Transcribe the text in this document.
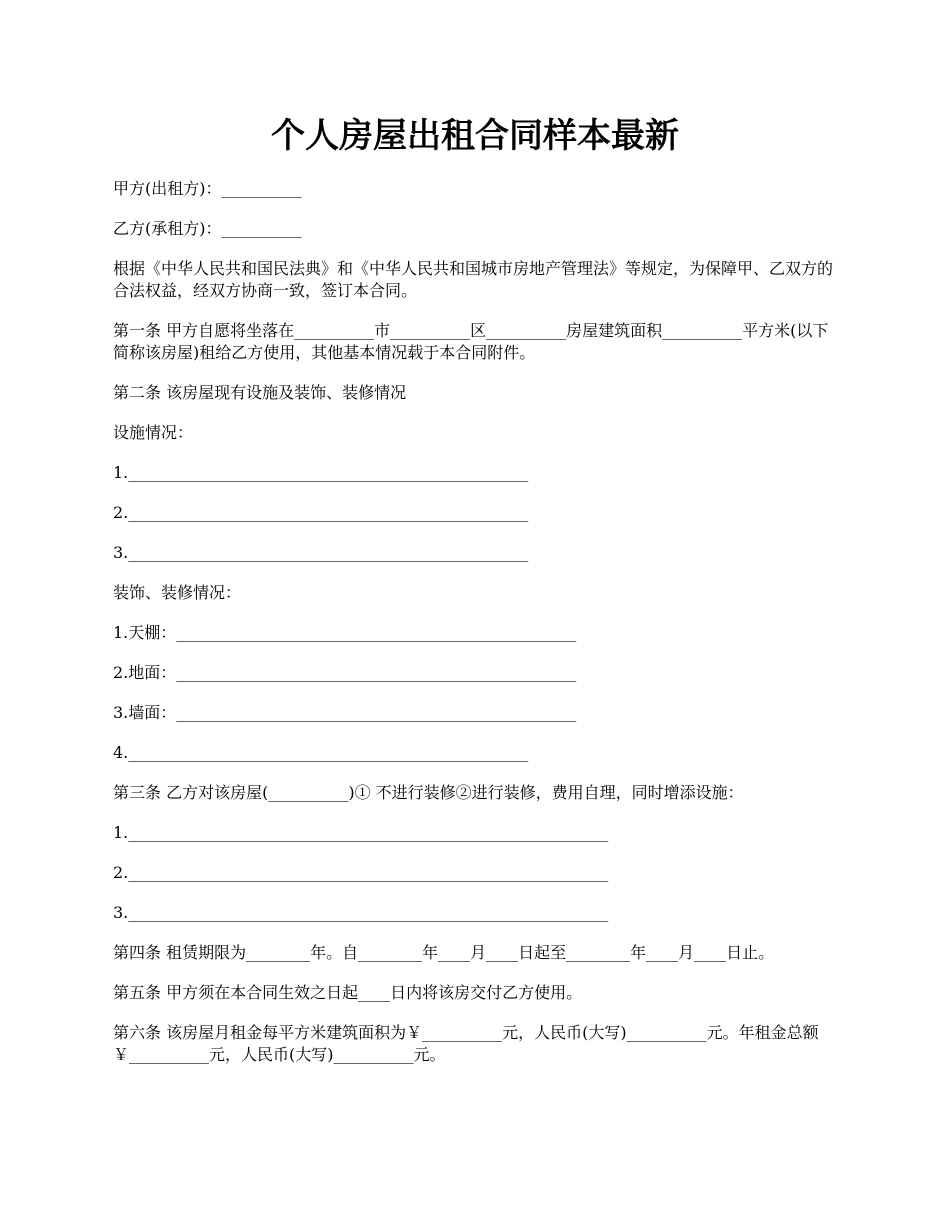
个人房屋出租合同样本最新

甲方(出租方)：__________

乙方(承租方)：__________

根据《中华人民共和国民法典》和《中华人民共和国城市房地产管理法》等规定，为保障甲、乙双方的合法权益，经双方协商一致，签订本合同。

第一条 甲方自愿将坐落在__________市__________区__________房屋建筑面积__________平方米(以下简称该房屋)租给乙方使用，其他基本情况载于本合同附件。

第二条 该房屋现有设施及装饰、装修情况

设施情况：

1.__________________________________________________

2.__________________________________________________

3.__________________________________________________

装饰、装修情况：

1.天棚：__________________________________________________

2.地面：__________________________________________________

3.墙面：__________________________________________________

4.__________________________________________________

第三条 乙方对该房屋(__________)① 不进行装修②进行装修，费用自理，同时增添设施：

1.____________________________________________________________

2.____________________________________________________________

3.____________________________________________________________

第四条 租赁期限为________年。自________年____月____日起至________年____月____日止。

第五条 甲方须在本合同生效之日起____日内将该房交付乙方使用。

第六条 该房屋月租金每平方米建筑面积为￥__________元，人民币(大写)__________元。年租金总额￥__________元，人民币(大写)__________元。
